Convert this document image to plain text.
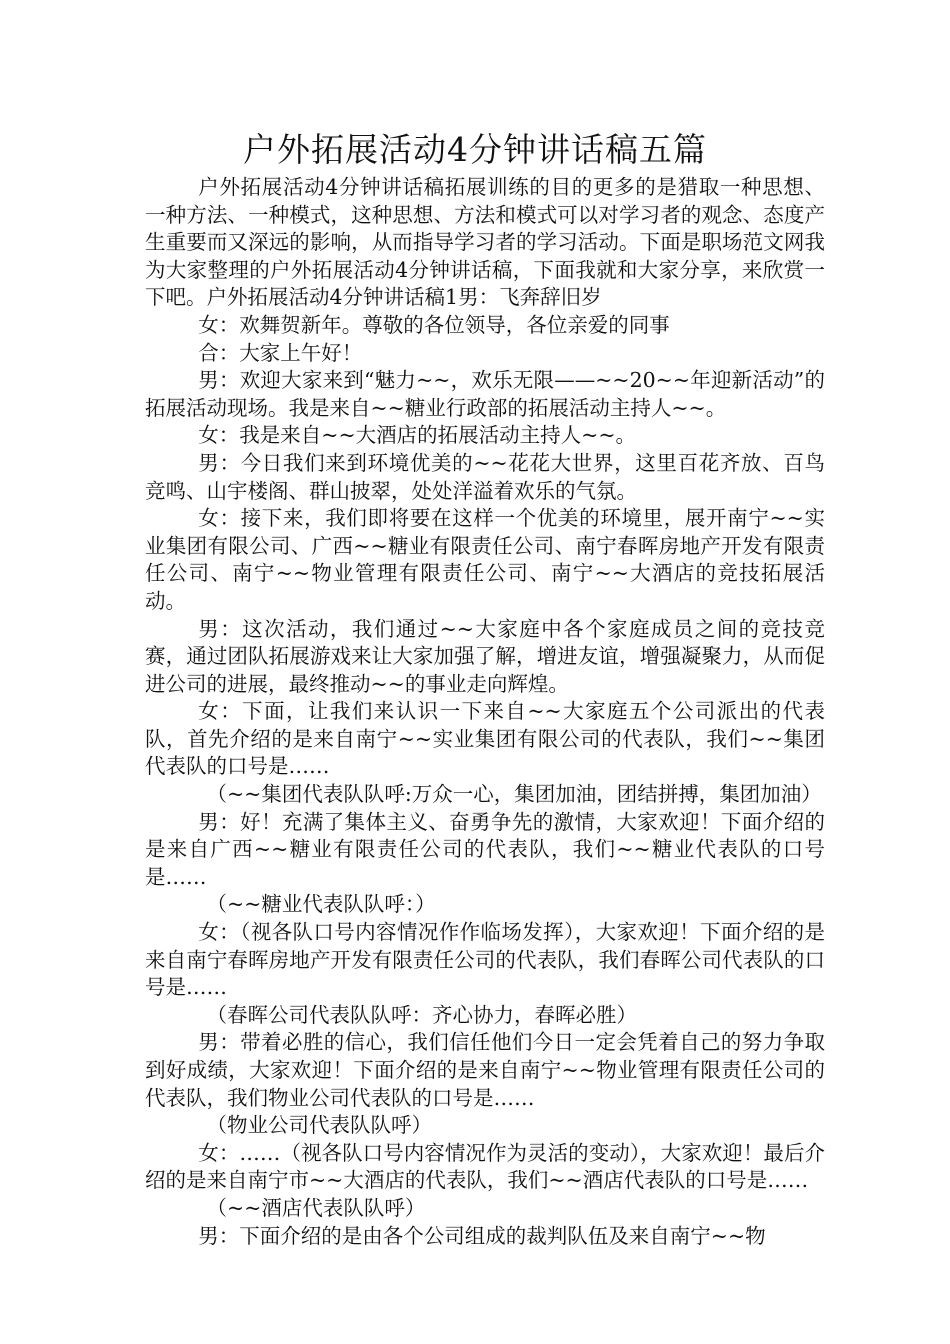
户外拓展活动4分钟讲话稿五篇

户外拓展活动4分钟讲话稿拓展训练的目的更多的是猎取一种思想、一种方法、一种模式，这种思想、方法和模式可以对学习者的观念、态度产生重要而又深远的影响，从而指导学习者的学习活动。下面是职场范文网我为大家整理的户外拓展活动4分钟讲话稿，下面我就和大家分享，来欣赏一下吧。户外拓展活动4分钟讲话稿1男：飞奔辞旧岁

女：欢舞贺新年。尊敬的各位领导，各位亲爱的同事

合：大家上午好！

男：欢迎大家来到“魅力~~，欢乐无限——~~20~~年迎新活动”的拓展活动现场。我是来自~~糖业行政部的拓展活动主持人~~。

女：我是来自~~大酒店的拓展活动主持人~~。

男：今日我们来到环境优美的~~花花大世界，这里百花齐放、百鸟竞鸣、山宇楼阁、群山披翠，处处洋溢着欢乐的气氛。

女：接下来，我们即将要在这样一个优美的环境里，展开南宁~~实业集团有限公司、广西~~糖业有限责任公司、南宁春晖房地产开发有限责任公司、南宁~~物业管理有限责任公司、南宁~~大酒店的竞技拓展活动。

男：这次活动，我们通过~~大家庭中各个家庭成员之间的竞技竞赛，通过团队拓展游戏来让大家加强了解，增进友谊，增强凝聚力，从而促进公司的进展，最终推动~~的事业走向辉煌。

女：下面，让我们来认识一下来自~~大家庭五个公司派出的代表队，首先介绍的是来自南宁~~实业集团有限公司的代表队，我们~~集团代表队的口号是……

（~~集团代表队队呼:万众一心，集团加油，团结拼搏，集团加油）

男：好！充满了集体主义、奋勇争先的激情，大家欢迎！下面介绍的是来自广西~~糖业有限责任公司的代表队，我们~~糖业代表队的口号是……

（~~糖业代表队队呼：）

女：（视各队口号内容情况作作临场发挥），大家欢迎！下面介绍的是来自南宁春晖房地产开发有限责任公司的代表队，我们春晖公司代表队的口号是……

（春晖公司代表队队呼：齐心协力，春晖必胜）

男：带着必胜的信心，我们信任他们今日一定会凭着自己的努力争取到好成绩，大家欢迎！下面介绍的是来自南宁~~物业管理有限责任公司的代表队，我们物业公司代表队的口号是……

（物业公司代表队队呼）

女：……（视各队口号内容情况作为灵活的变动），大家欢迎！最后介绍的是来自南宁市~~大酒店的代表队，我们~~酒店代表队的口号是……

（~~酒店代表队队呼）

男：下面介绍的是由各个公司组成的裁判队伍及来自南宁~~物
